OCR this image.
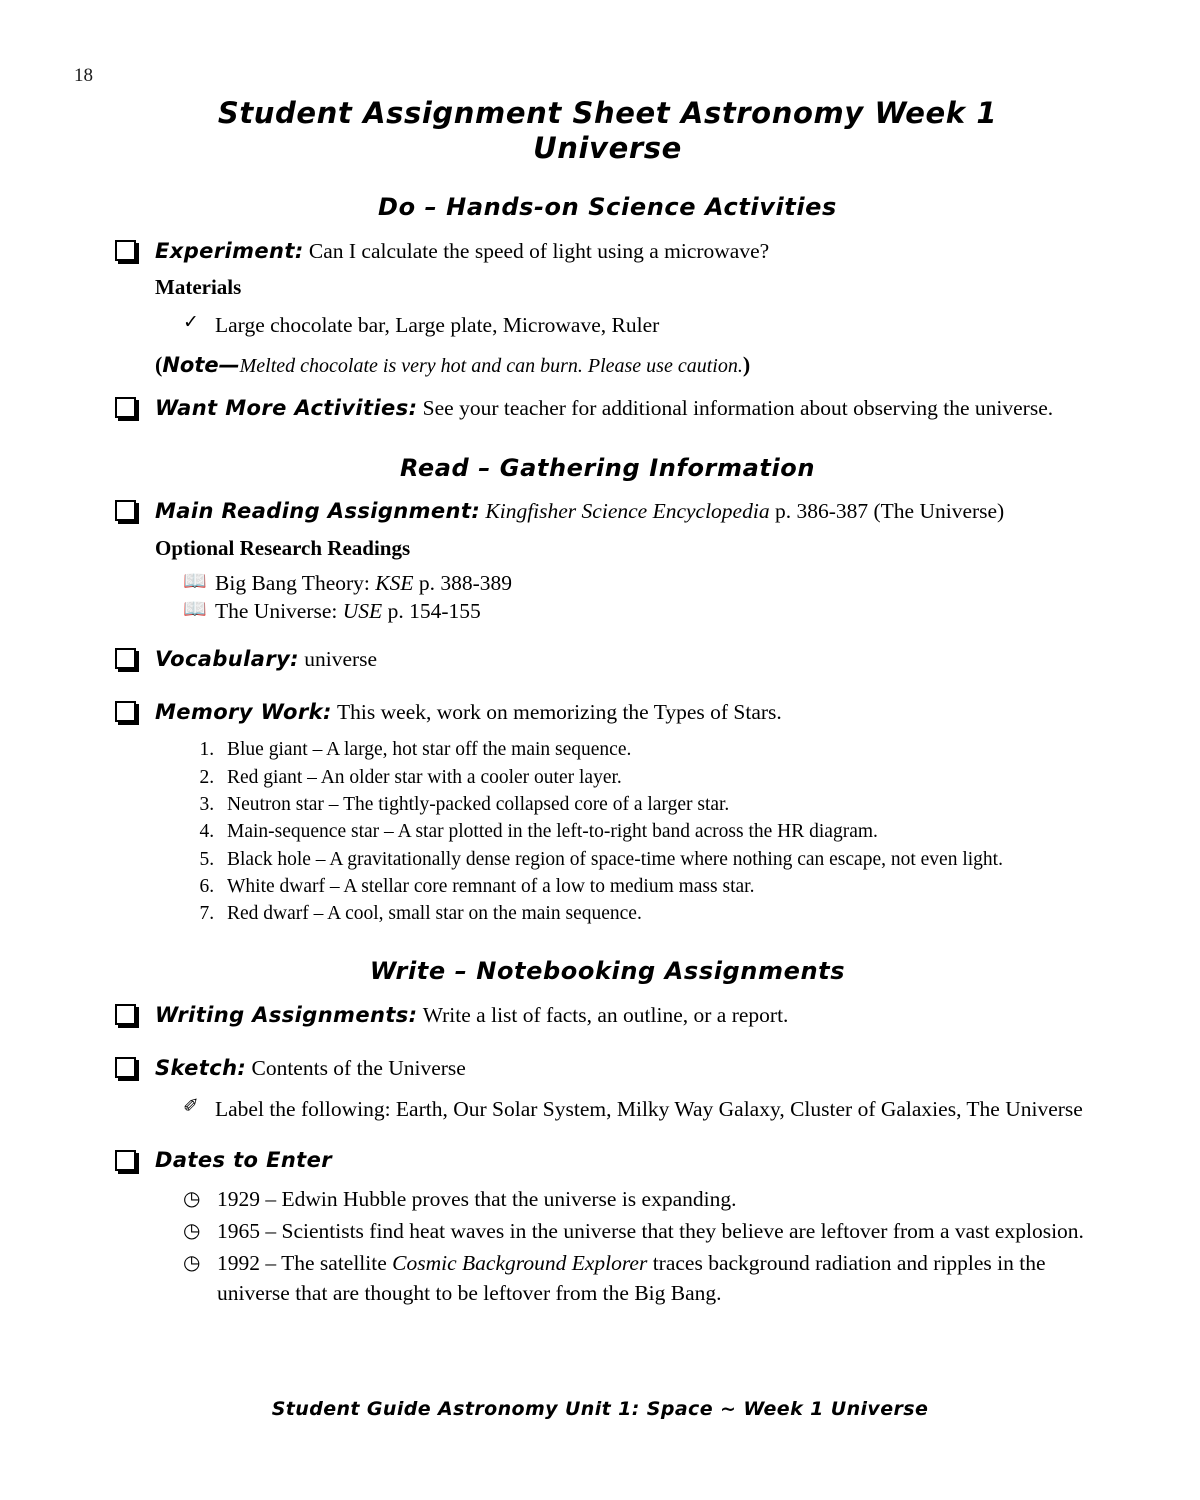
18
Student Assignment Sheet Astronomy Week 1
Universe
Do – Hands-on Science Activities
Experiment: Can I calculate the speed of light using a microwave?
Materials
✓ Large chocolate bar, Large plate, Microwave, Ruler
(Note—Melted chocolate is very hot and can burn. Please use caution.)
Want More Activities: See your teacher for additional information about observing the universe.
Read – Gathering Information
Main Reading Assignment: Kingfisher Science Encyclopedia p. 386-387 (The Universe)
Optional Research Readings
📖 Big Bang Theory: KSE p. 388-389
📖 The Universe: USE p. 154-155
Vocabulary: universe
Memory Work: This week, work on memorizing the Types of Stars.
1. Blue giant – A large, hot star off the main sequence.
2. Red giant – An older star with a cooler outer layer.
3. Neutron star – The tightly-packed collapsed core of a larger star.
4. Main-sequence star – A star plotted in the left-to-right band across the HR diagram.
5. Black hole – A gravitationally dense region of space-time where nothing can escape, not even light.
6. White dwarf – A stellar core remnant of a low to medium mass star.
7. Red dwarf – A cool, small star on the main sequence.
Write – Notebooking Assignments
Writing Assignments: Write a list of facts, an outline, or a report.
Sketch: Contents of the Universe
✐ Label the following: Earth, Our Solar System, Milky Way Galaxy, Cluster of Galaxies, The Universe
Dates to Enter
◷ 1929 – Edwin Hubble proves that the universe is expanding.
◷ 1965 – Scientists find heat waves in the universe that they believe are leftover from a vast explosion.
◷ 1992 – The satellite Cosmic Background Explorer traces background radiation and ripples in the universe that are thought to be leftover from the Big Bang.
Student Guide Astronomy Unit 1: Space ~ Week 1 Universe
